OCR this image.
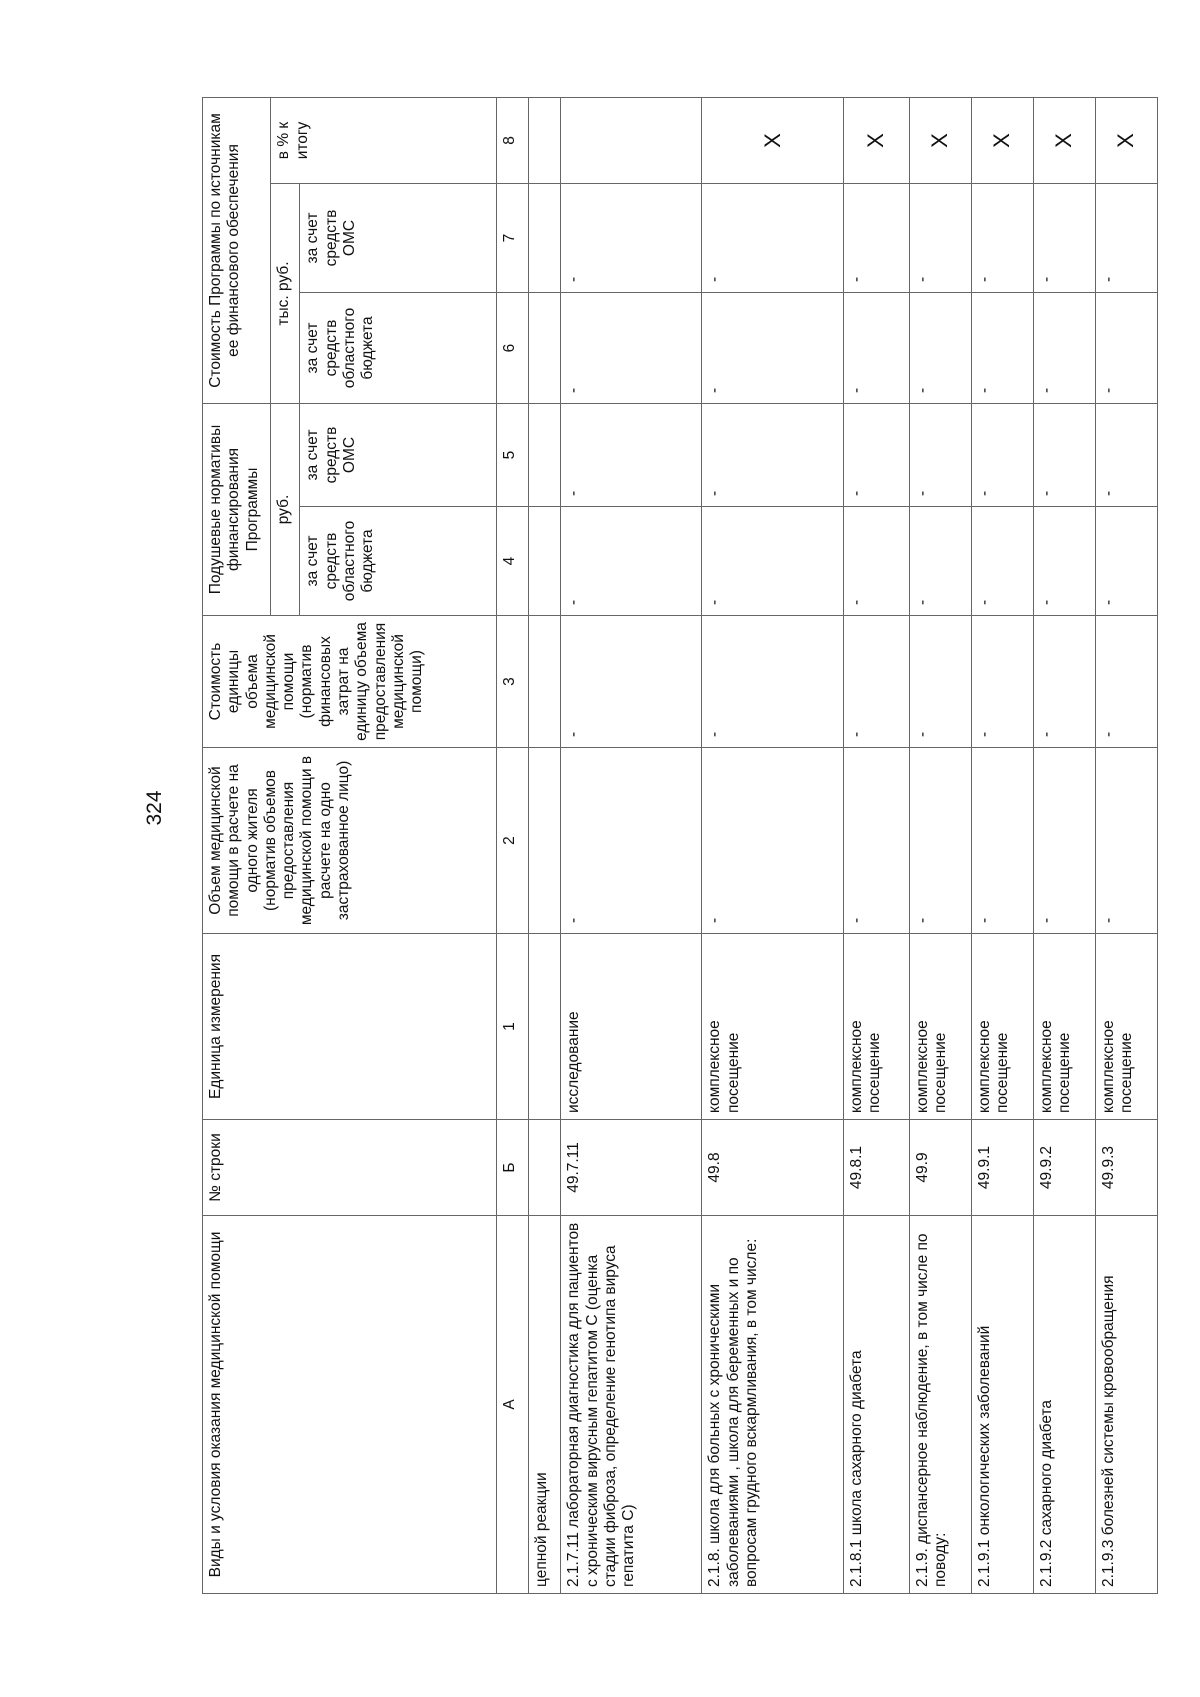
324
Виды и условия оказания медицинской помощи	№ строки	Единица измерения	Объем медицинской помощи в расчете на одного жителя (норматив объемов предоставления медицинской помощи в расчете на одно застрахованное лицо)	Стоимость единицы объема медицинской помощи (норматив финансовых затрат на единицу объема предоставления медицинской помощи)	Подушевые нормативы финансирования Программы		Стоимость Программы по источникам ее финансового обеспечения		
					руб.		тыс. руб.		в % к итогу
					за счет средств областного бюджета	за счет средств ОМС	за счет средств областного бюджета	за счет средств ОМС	
А	Б	1	2	3	4	5	6	7	8
цепной реакции									
2.1.7.11 лабораторная диагностика для пациентов с хроническим вирусным гепатитом С (оценка стадии фиброза, определение генотипа вируса гепатита С)	49.7.11	исследование	-	-	-	-	-	-	
2.1.8. школа для больных с хроническими заболеваниями , школа для беременных и по вопросам грудного вскармливания, в том числе:	49.8	комплексное посещение	-	-	-	-	-	-	X
2.1.8.1 школа сахарного диабета	49.8.1	комплексное посещение	-	-	-	-	-	-	X
2.1.9. диспансерное наблюдение, в том числе по поводу:	49.9	комплексное посещение	-	-	-	-	-	-	X
2.1.9.1 онкологических заболеваний	49.9.1	комплексное посещение	-	-	-	-	-	-	X
2.1.9.2 сахарного диабета	49.9.2	комплексное посещение	-	-	-	-	-	-	X
2.1.9.3 болезней системы кровообращения	49.9.3	комплексное посещение	-	-	-	-	-	-	X
